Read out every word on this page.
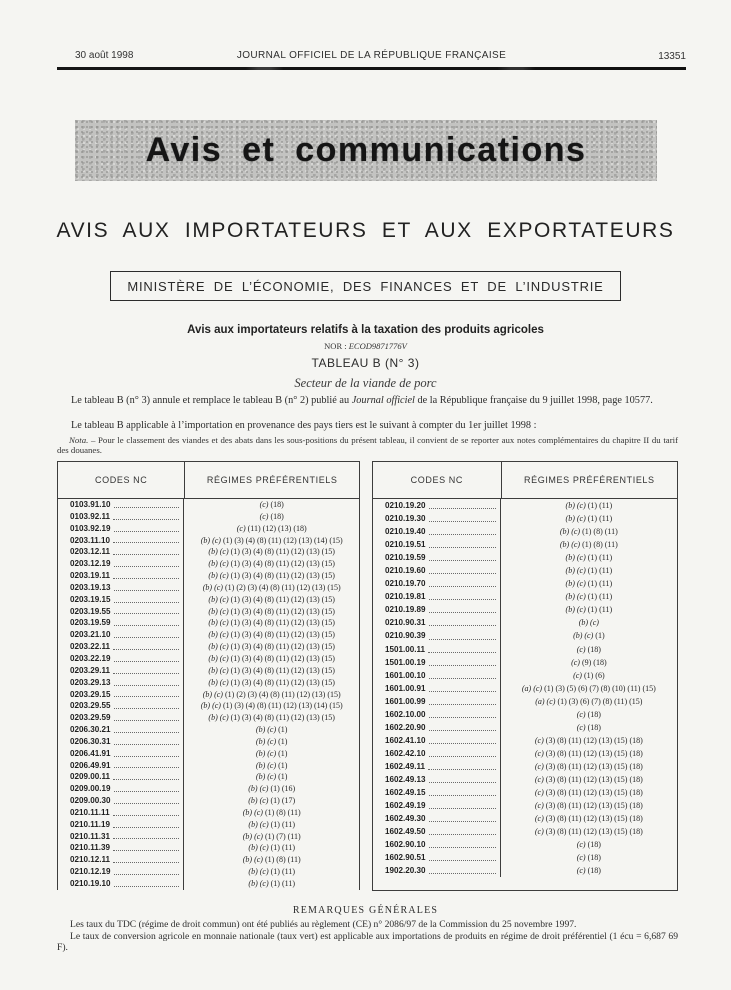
30 août 1998	JOURNAL OFFICIEL DE LA RÉPUBLIQUE FRANÇAISE	13351
Avis et communications
AVIS AUX IMPORTATEURS ET AUX EXPORTATEURS
MINISTÈRE DE L’ÉCONOMIE, DES FINANCES ET DE L’INDUSTRIE
Avis aux importateurs relatifs à la taxation des produits agricoles
NOR : ECOD9871776V
TABLEAU B (N° 3)
Secteur de la viande de porc

Le tableau B (n° 3) annule et remplace le tableau B (n° 2) publié au Journal officiel de la République française du 9 juillet 1998, page 10577.

Le tableau B applicable à l’importation en provenance des pays tiers est le suivant à compter du 1er juillet 1998 :

Nota. – Pour le classement des viandes et des abats dans les sous-positions du présent tableau, il convient de se reporter aux notes complémentaires du chapitre II du tarif des douanes.

CODES NC	RÉGIMES PRÉFÉRENTIELS
0103.91.10	(c) (18)
0103.92.11	(c) (18)
0103.92.19	(c) (11) (12) (13) (18)
0203.11.10	(b) (c) (1) (3) (4) (8) (11) (12) (13) (14) (15)
0203.12.11	(b) (c) (1) (3) (4) (8) (11) (12) (13) (15)
0203.12.19	(b) (c) (1) (3) (4) (8) (11) (12) (13) (15)
0203.19.11	(b) (c) (1) (3) (4) (8) (11) (12) (13) (15)
0203.19.13	(b) (c) (1) (2) (3) (4) (8) (11) (12) (13) (15)
0203.19.15	(b) (c) (1) (3) (4) (8) (11) (12) (13) (15)
0203.19.55	(b) (c) (1) (3) (4) (8) (11) (12) (13) (15)
0203.19.59	(b) (c) (1) (3) (4) (8) (11) (12) (13) (15)
0203.21.10	(b) (c) (1) (3) (4) (8) (11) (12) (13) (15)
0203.22.11	(b) (c) (1) (3) (4) (8) (11) (12) (13) (15)
0203.22.19	(b) (c) (1) (3) (4) (8) (11) (12) (13) (15)
0203.29.11	(b) (c) (1) (3) (4) (8) (11) (12) (13) (15)
0203.29.13	(b) (c) (1) (3) (4) (8) (11) (12) (13) (15)
0203.29.15	(b) (c) (1) (2) (3) (4) (8) (11) (12) (13) (15)
0203.29.55	(b) (c) (1) (3) (4) (8) (11) (12) (13) (14) (15)
0203.29.59	(b) (c) (1) (3) (4) (8) (11) (12) (13) (15)
0206.30.21	(b) (c) (1)
0206.30.31	(b) (c) (1)
0206.41.91	(b) (c) (1)
0206.49.91	(b) (c) (1)
0209.00.11	(b) (c) (1)
0209.00.19	(b) (c) (1) (16)
0209.00.30	(b) (c) (1) (17)
0210.11.11	(b) (c) (1) (8) (11)
0210.11.19	(b) (c) (1) (11)
0210.11.31	(b) (c) (1) (7) (11)
0210.11.39	(b) (c) (1) (11)
0210.12.11	(b) (c) (1) (8) (11)
0210.12.19	(b) (c) (1) (11)
0210.19.10	(b) (c) (1) (11)
CODES NC	RÉGIMES PRÉFÉRENTIELS
0210.19.20	(b) (c) (1) (11)
0210.19.30	(b) (c) (1) (11)
0210.19.40	(b) (c) (1) (8) (11)
0210.19.51	(b) (c) (1) (8) (11)
0210.19.59	(b) (c) (1) (11)
0210.19.60	(b) (c) (1) (11)
0210.19.70	(b) (c) (1) (11)
0210.19.81	(b) (c) (1) (11)
0210.19.89	(b) (c) (1) (11)
0210.90.31	(b) (c)
0210.90.39	(b) (c) (1)
1501.00.11	(c) (18)
1501.00.19	(c) (9) (18)
1601.00.10	(c) (1) (6)
1601.00.91	(a) (c) (1) (3) (5) (6) (7) (8) (10) (11) (15)
1601.00.99	(a) (c) (1) (3) (6) (7) (8) (11) (15)
1602.10.00	(c) (18)
1602.20.90	(c) (18)
1602.41.10	(c) (3) (8) (11) (12) (13) (15) (18)
1602.42.10	(c) (3) (8) (11) (12) (13) (15) (18)
1602.49.11	(c) (3) (8) (11) (12) (13) (15) (18)
1602.49.13	(c) (3) (8) (11) (12) (13) (15) (18)
1602.49.15	(c) (3) (8) (11) (12) (13) (15) (18)
1602.49.19	(c) (3) (8) (11) (12) (13) (15) (18)
1602.49.30	(c) (3) (8) (11) (12) (13) (15) (18)
1602.49.50	(c) (3) (8) (11) (12) (13) (15) (18)
1602.90.10	(c) (18)
1602.90.51	(c) (18)
1902.20.30	(c) (18)
REMARQUES GÉNÉRALES

Les taux du TDC (régime de droit commun) ont été publiés au règlement (CE) n° 2086/97 de la Commission du 25 novembre 1997.

Le taux de conversion agricole en monnaie nationale (taux vert) est applicable aux importations de produits en régime de droit préférentiel (1 écu = 6,687 69 F).
